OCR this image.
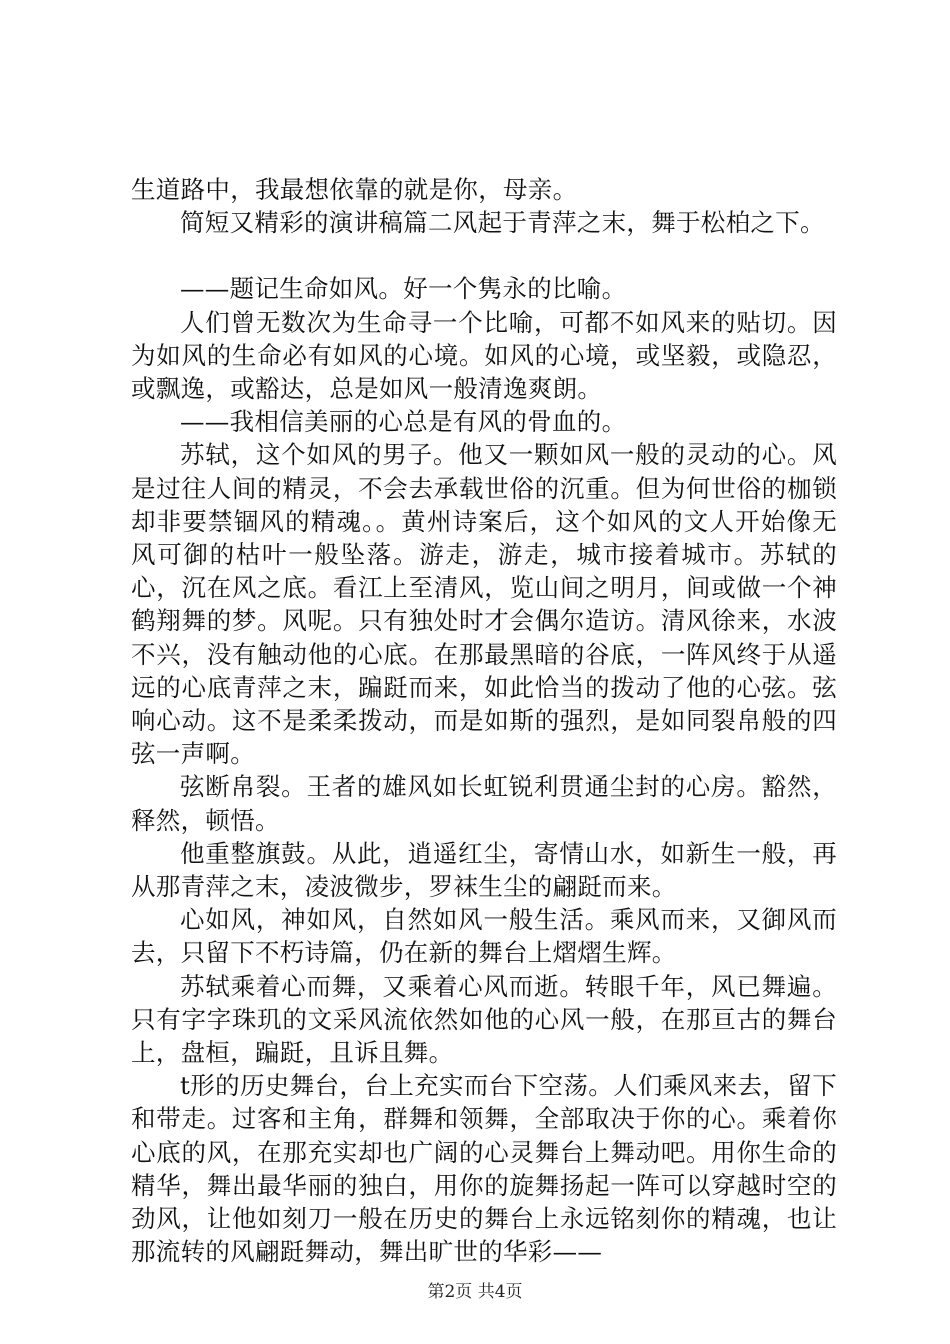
生道路中，我最想依靠的就是你，母亲。

简短又精彩的演讲稿篇二风起于青萍之末，舞于松柏之下。

——题记生命如风。好一个隽永的比喻。

人们曾无数次为生命寻一个比喻，可都不如风来的贴切。因为如风的生命必有如风的心境。如风的心境，或坚毅，或隐忍，或飘逸，或豁达，总是如风一般清逸爽朗。

——我相信美丽的心总是有风的骨血的。

苏轼，这个如风的男子。他又一颗如风一般的灵动的心。风是过往人间的精灵，不会去承载世俗的沉重。但为何世俗的枷锁却非要禁锢风的精魂。。黄州诗案后，这个如风的文人开始像无风可御的枯叶一般坠落。游走，游走，城市接着城市。苏轼的心，沉在风之底。看江上至清风，览山间之明月，间或做一个神鹤翔舞的梦。风呢。只有独处时才会偶尔造访。清风徐来，水波不兴，没有触动他的心底。在那最黑暗的谷底，一阵风终于从遥远的心底青萍之末，蹁跹而来，如此恰当的拨动了他的心弦。弦响心动。这不是柔柔拨动，而是如斯的强烈，是如同裂帛般的四弦一声啊。

弦断帛裂。王者的雄风如长虹锐利贯通尘封的心房。豁然，释然，顿悟。

他重整旗鼓。从此，逍遥红尘，寄情山水，如新生一般，再从那青萍之末，凌波微步，罗袜生尘的翩跹而来。

心如风，神如风，自然如风一般生活。乘风而来，又御风而去，只留下不朽诗篇，仍在新的舞台上熠熠生辉。

苏轼乘着心而舞，又乘着心风而逝。转眼千年，风已舞遍。只有字字珠玑的文采风流依然如他的心风一般，在那亘古的舞台上，盘桓，蹁跹，且诉且舞。

t形的历史舞台，台上充实而台下空荡。人们乘风来去，留下和带走。过客和主角，群舞和领舞，全部取决于你的心。乘着你心底的风，在那充实却也广阔的心灵舞台上舞动吧。用你生命的精华，舞出最华丽的独白，用你的旋舞扬起一阵可以穿越时空的劲风，让他如刻刀一般在历史的舞台上永远铭刻你的精魂，也让那流转的风翩跹舞动，舞出旷世的华彩——

第2页 共4页
